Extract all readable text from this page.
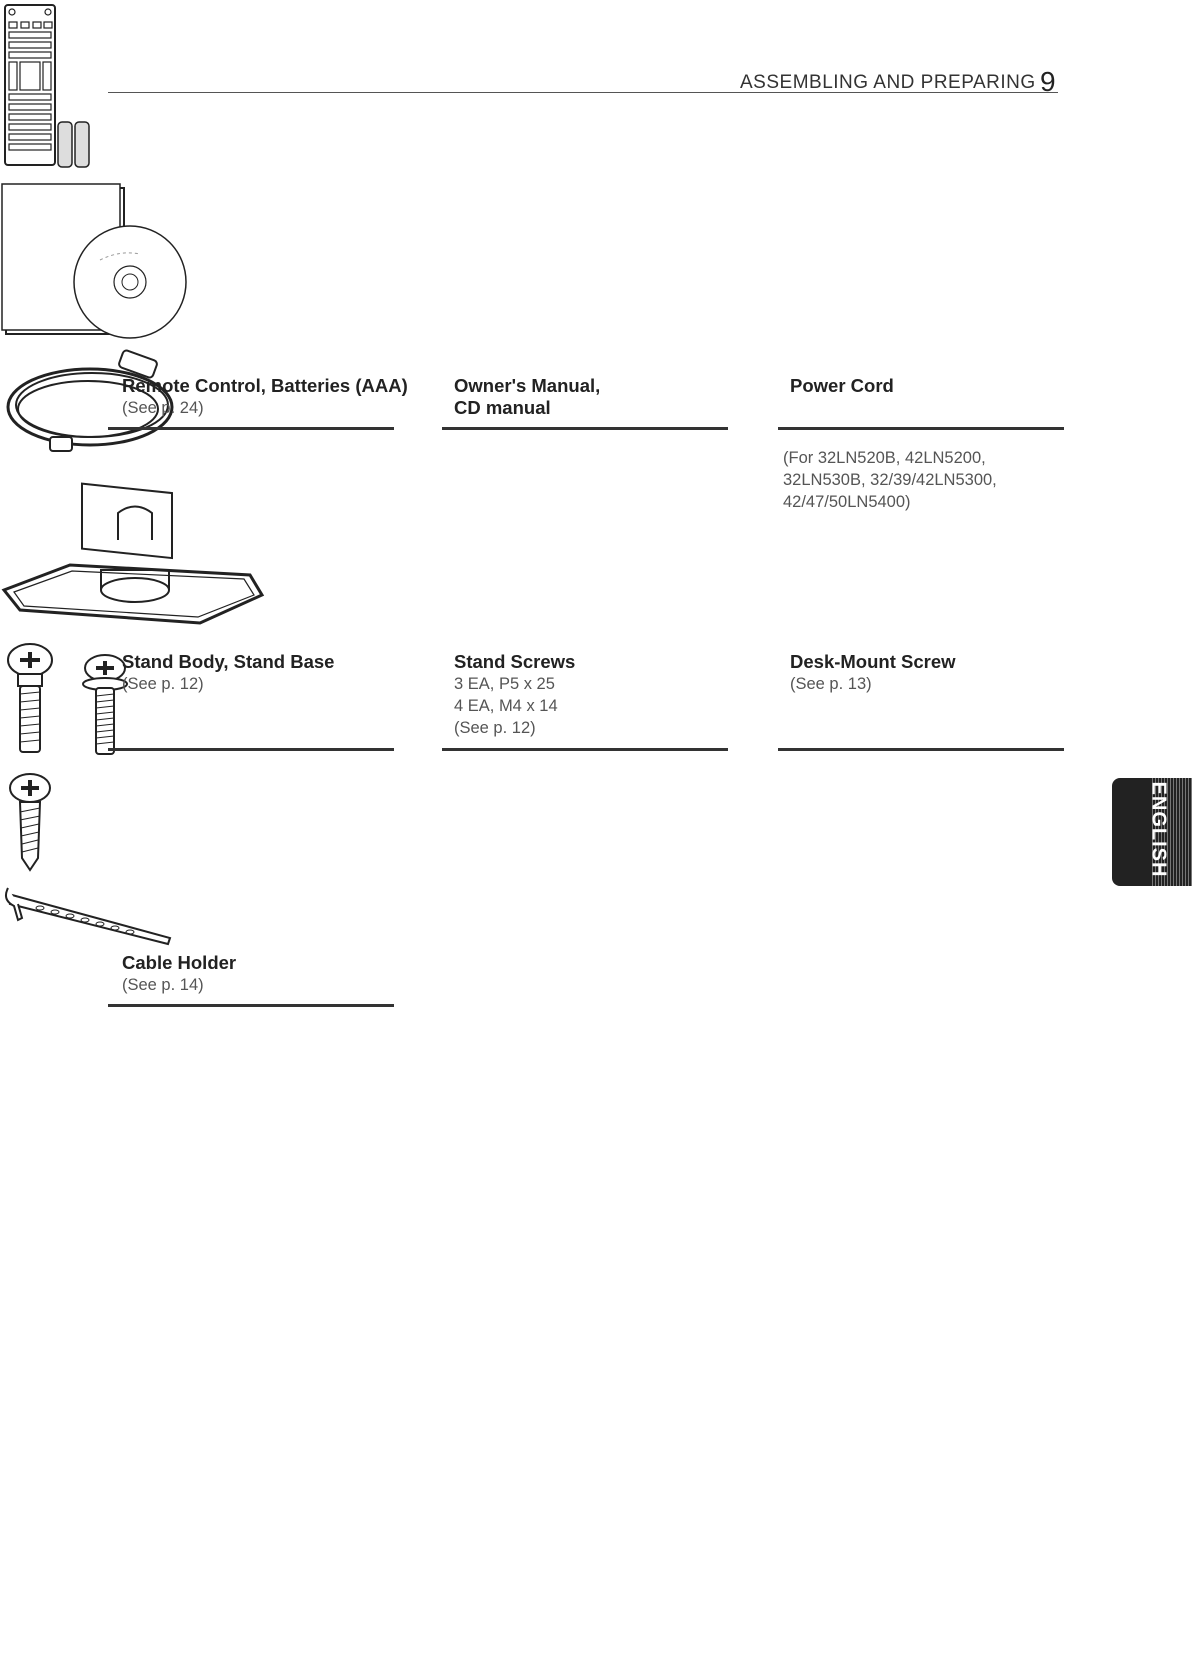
ASSEMBLING AND PREPARING 9
Remote Control, Batteries (AAA)
(See p. 24)
Owner's Manual,
CD manual
Power Cord
Stand Body, Stand Base
(See p. 12)
Stand Screws
3 EA, P5 x 25
4 EA, M4 x 14
(See p. 12)
(For 32LN520B, 42LN5200,
32LN530B, 32/39/42LN5300,
42/47/50LN5400)
Desk-Mount Screw
(See p. 13)
Cable Holder
(See p. 14)
ENGLISH
